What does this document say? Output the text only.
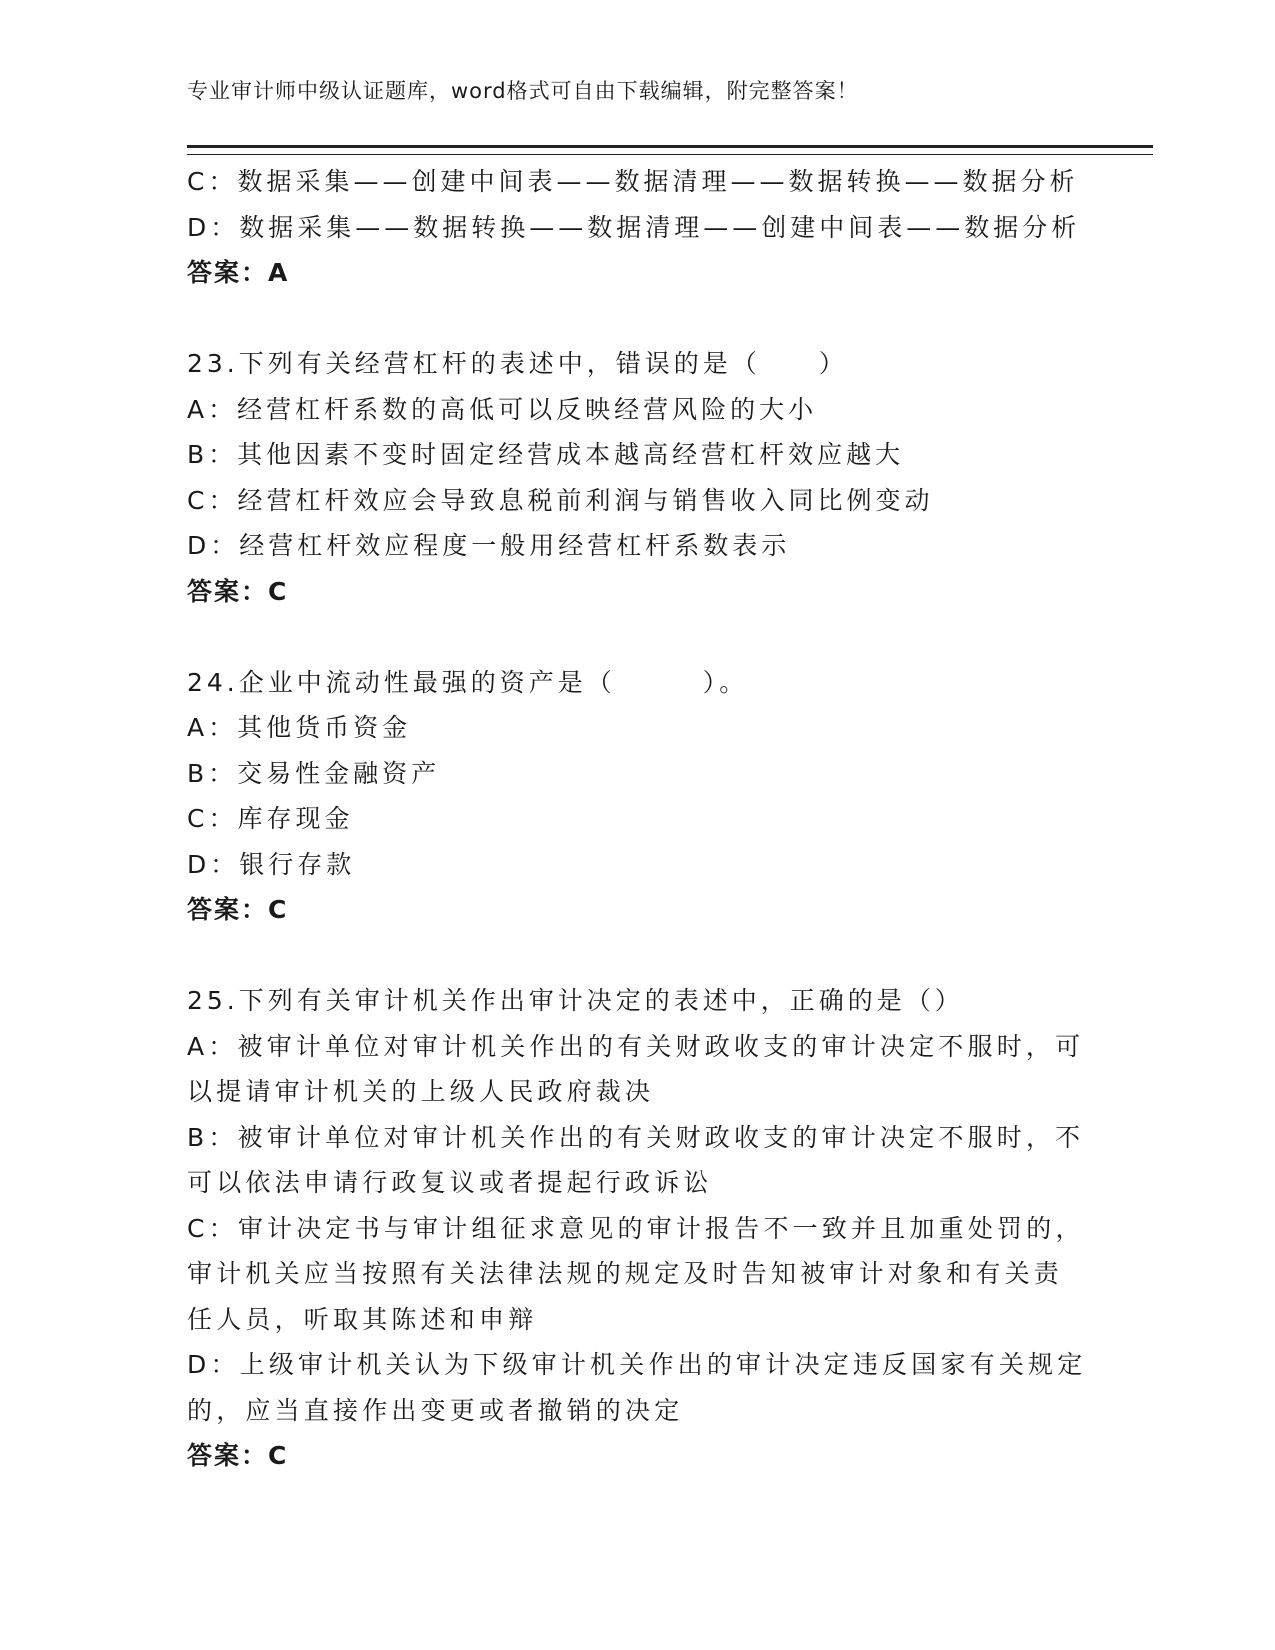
专业审计师中级认证题库，word格式可自由下载编辑，附完整答案！
C：数据采集——创建中间表——数据清理——数据转换——数据分析
D：数据采集——数据转换——数据清理——创建中间表——数据分析
答案：A
23.下列有关经营杠杆的表述中，错误的是（　　）
A：经营杠杆系数的高低可以反映经营风险的大小
B：其他因素不变时固定经营成本越高经营杠杆效应越大
C：经营杠杆效应会导致息税前利润与销售收入同比例变动
D：经营杠杆效应程度一般用经营杠杆系数表示
答案：C
24.企业中流动性最强的资产是（　　　）。
A：其他货币资金
B：交易性金融资产
C：库存现金
D：银行存款
答案：C
25.下列有关审计机关作出审计决定的表述中，正确的是（）
A：被审计单位对审计机关作出的有关财政收支的审计决定不服时，可以提请审计机关的上级人民政府裁决
B：被审计单位对审计机关作出的有关财政收支的审计决定不服时，不可以依法申请行政复议或者提起行政诉讼
C：审计决定书与审计组征求意见的审计报告不一致并且加重处罚的，审计机关应当按照有关法律法规的规定及时告知被审计对象和有关责任人员，听取其陈述和申辩
D：上级审计机关认为下级审计机关作出的审计决定违反国家有关规定的，应当直接作出变更或者撤销的决定
答案：C
